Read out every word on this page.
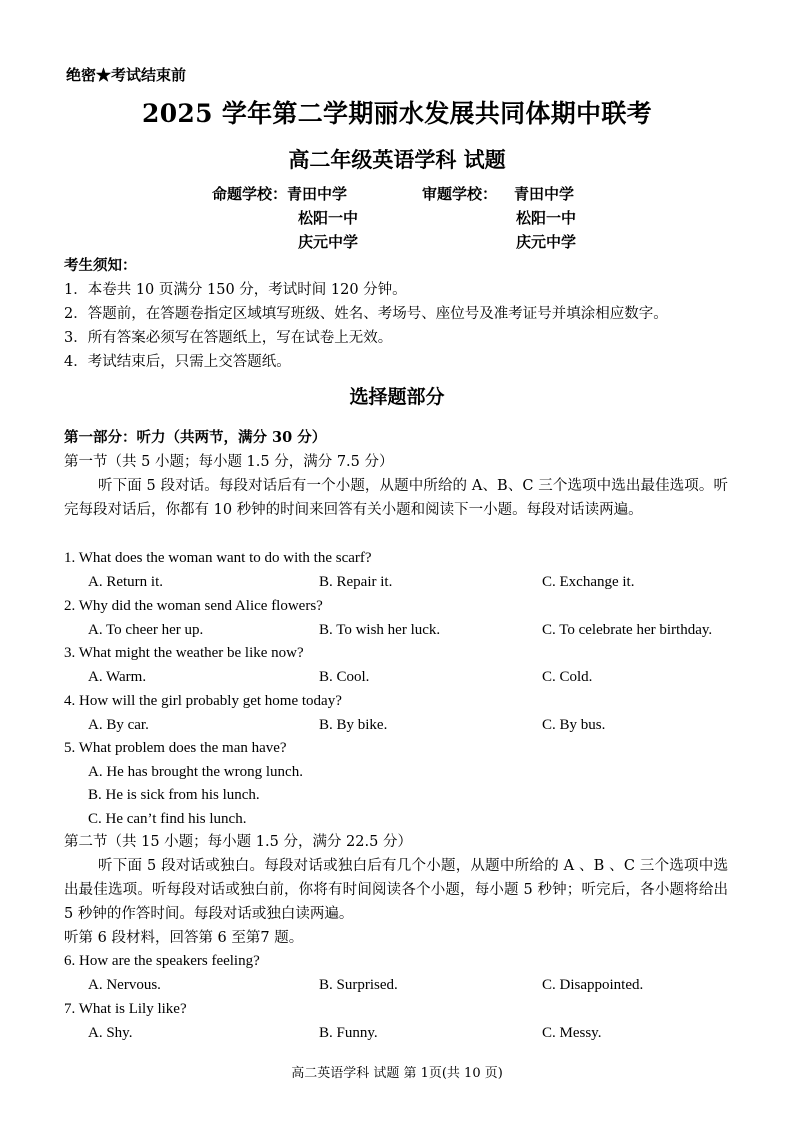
绝密★考试结束前
2025 学年第二学期丽水发展共同体期中联考
高二年级英语学科 试题
命题学校： 青田中学
松阳一中
庆元中学
审题学校： 青田中学
松阳一中
庆元中学
考生须知：
1．本卷共 10 页满分 150 分，考试时间 120 分钟。
2．答题前，在答题卷指定区域填写班级、姓名、考场号、座位号及准考证号并填涂相应数字。
3．所有答案必须写在答题纸上，写在试卷上无效。
4．考试结束后，只需上交答题纸。
选择题部分
第一部分：听力（共两节，满分 30 分）
第一节（共 5 小题；每小题 1.5 分，满分 7.5 分）
听下面 5 段对话。每段对话后有一个小题，从题中所给的 A、B、C 三个选项中选出最佳选项。听完每段对话后，你都有 10 秒钟的时间来回答有关小题和阅读下一小题。每段对话读两遍。
1. What does the woman want to do with the scarf?
A. Return it.	B. Repair it.	C. Exchange it.
2. Why did the woman send Alice flowers?
A. To cheer her up.	B. To wish her luck.	C. To celebrate her birthday.
3. What might the weather be like now?
A. Warm.	B. Cool.	C. Cold.
4. How will the girl probably get home today?
A. By car.	B. By bike.	C. By bus.
5. What problem does the man have?
A. He has brought the wrong lunch.
B. He is sick from his lunch.
C. He can’t find his lunch.
第二节（共 15 小题；每小题 1.5 分，满分 22.5 分）
听下面 5 段对话或独白。每段对话或独白后有几个小题，从题中所给的 A 、B 、C 三个选项中选出最佳选项。听每段对话或独白前，你将有时间阅读各个小题，每小题 5 秒钟；听完后，各小题将给出 5 秒钟的作答时间。每段对话或独白读两遍。
听第 6 段材料，回答第 6 至第7 题。
6. How are the speakers feeling?
A. Nervous.	B. Surprised.	C. Disappointed.
7. What is Lily like?
A. Shy.	B. Funny.	C. Messy.
高二英语学科 试题 第 1页(共 10 页)
